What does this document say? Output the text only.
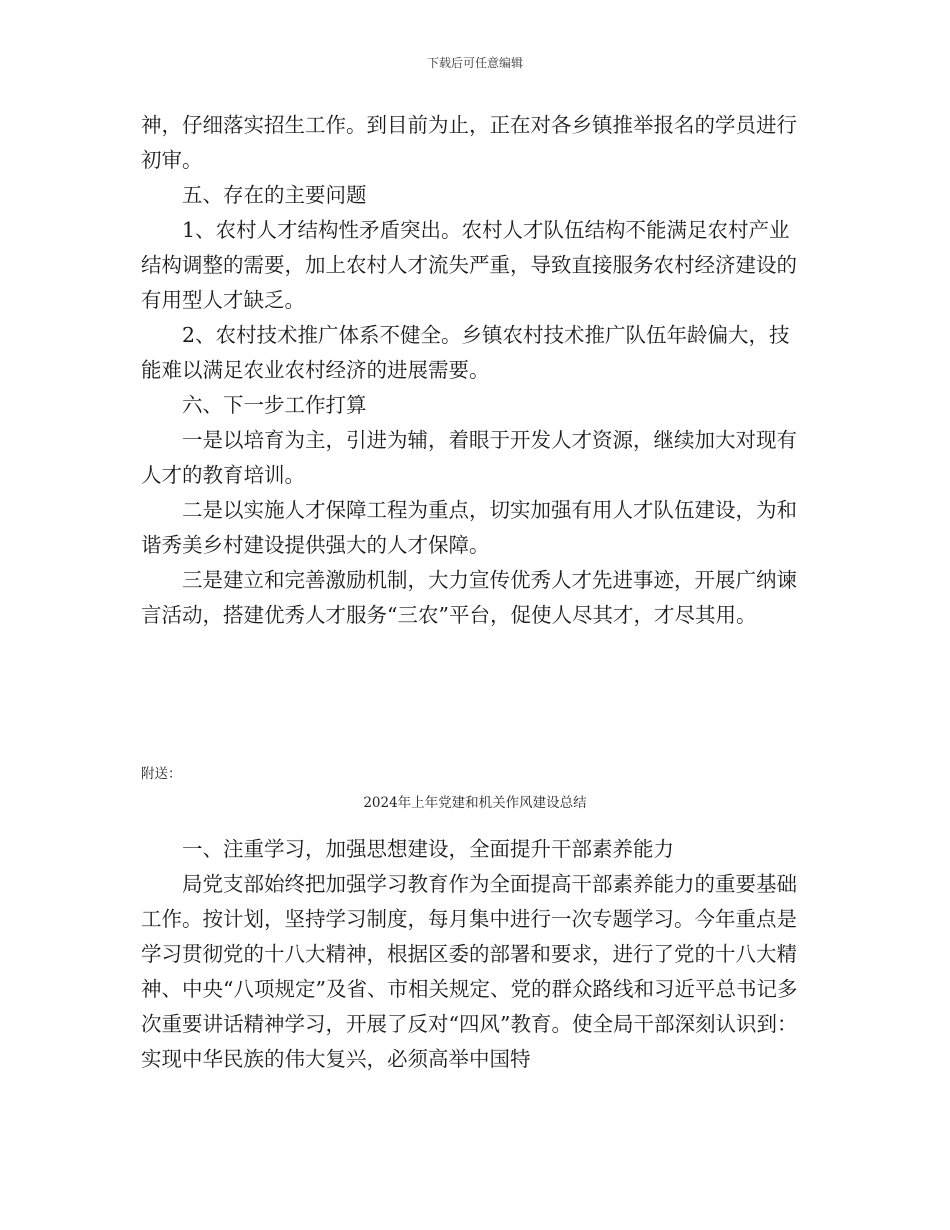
下载后可任意编辑

神，仔细落实招生工作。到目前为止，正在对各乡镇推举报名的学员进行初审。

五、存在的主要问题

1、农村人才结构性矛盾突出。农村人才队伍结构不能满足农村产业结构调整的需要，加上农村人才流失严重，导致直接服务农村经济建设的有用型人才缺乏。

2、农村技术推广体系不健全。乡镇农村技术推广队伍年龄偏大，技能难以满足农业农村经济的进展需要。

六、下一步工作打算

一是以培育为主，引进为辅，着眼于开发人才资源，继续加大对现有人才的教育培训。

二是以实施人才保障工程为重点，切实加强有用人才队伍建设，为和谐秀美乡村建设提供强大的人才保障。

三是建立和完善激励机制，大力宣传优秀人才先进事迹，开展广纳谏言活动，搭建优秀人才服务“三农”平台，促使人尽其才，才尽其用。

附送：
2024年上年党建和机关作风建设总结

一、注重学习，加强思想建设，全面提升干部素养能力

局党支部始终把加强学习教育作为全面提高干部素养能力的重要基础工作。按计划，坚持学习制度，每月集中进行一次专题学习。今年重点是学习贯彻党的十八大精神，根据区委的部署和要求，进行了党的十八大精神、中央“八项规定”及省、市相关规定、党的群众路线和习近平总书记多次重要讲话精神学习，开展了反对“四风”教育。使全局干部深刻认识到：实现中华民族的伟大复兴，必须高举中国特
